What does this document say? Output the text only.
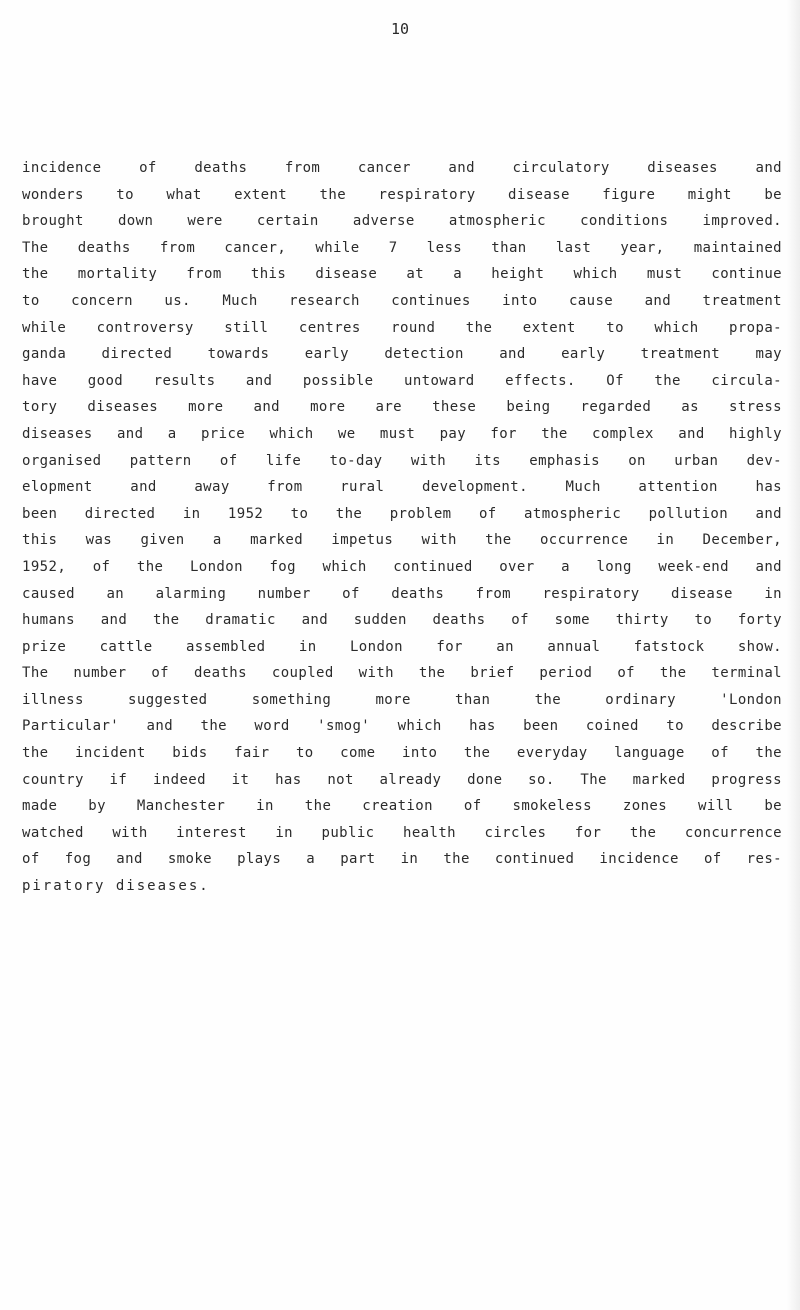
10
incidence of deaths from cancer and circulatory diseases and
wonders to what extent the respiratory disease figure might be
brought down were certain adverse atmospheric conditions improved.
The deaths from cancer, while 7 less than last year, maintained
the mortality from this disease at a height which must continue
to concern us. Much research continues into cause and treatment
while controversy still centres round the extent to which propa-
ganda directed towards early detection and early treatment may
have good results and possible untoward effects. Of the circula-
tory diseases more and more are these being regarded as stress
diseases and a price which we must pay for the complex and highly
organised pattern of life to-day with its emphasis on urban dev-
elopment and away from rural development. Much attention has
been directed in 1952 to the problem of atmospheric pollution and
this was given a marked impetus with the occurrence in December,
1952, of the London fog which continued over a long week-end and
caused an alarming number of deaths from respiratory disease in
humans and the dramatic and sudden deaths of some thirty to forty
prize cattle assembled in London for an annual fatstock show.
The number of deaths coupled with the brief period of the terminal
illness suggested something more than the ordinary 'London
Particular' and the word 'smog' which has been coined to describe
the incident bids fair to come into the everyday language of the
country if indeed it has not already done so. The marked progress
made by Manchester in the creation of smokeless zones will be
watched with interest in public health circles for the concurrence
of fog and smoke plays a part in the continued incidence of res-
piratory diseases.
